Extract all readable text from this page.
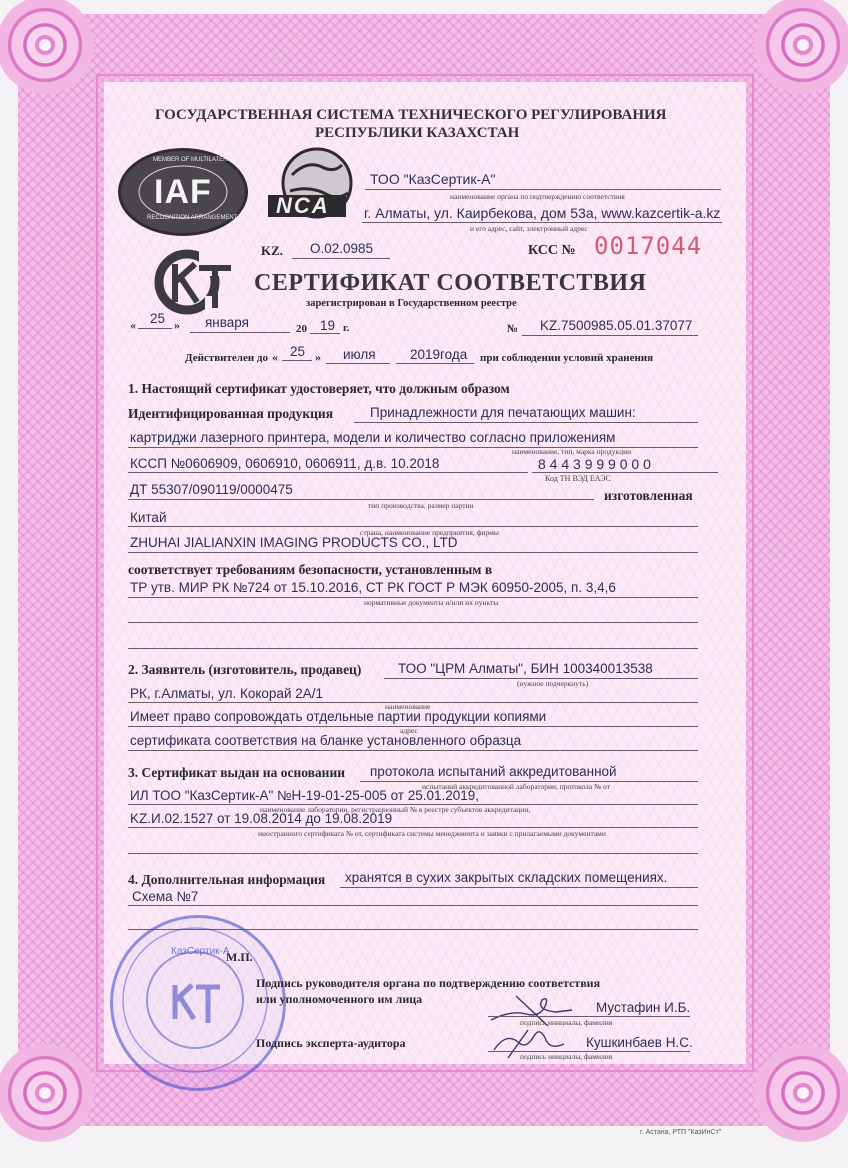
ГОСУДАРСТВЕННАЯ СИСТЕМА ТЕХНИЧЕСКОГО РЕГУЛИРОВАНИЯ
РЕСПУБЛИКИ КАЗАХСТАН
MEMBER OF MULTILATERAL
IAF
RECOGNITION ARRANGEMENT NCA
ТОО "КазСертик-А"
наименование органа по подтверждению соответствия
г. Алматы, ул. Каирбекова, дом 53а, www.kazcertik-a.kz
и его адрес, сайт, электронный адрес
KZ. О.02.0985	КСС № 0017044
СЕРТИФИКАТ СООТВЕТСТВИЯ
зарегистрирован в Государственном реестре
« 25 » января	20 19 г.	№ KZ.7500985.05.01.37077
Действителен до « 25 » июля	2019года при соблюдении условий хранения
1. Настоящий сертификат удостоверяет, что должным образом
Идентифицированная продукция	Принадлежности для печатающих машин:
картриджи лазерного принтера, модели и количество согласно приложениям
наименование, тип, марка продукции
КССП №0606909, 0606910, 0606911, д.в. 10.2018	8 4 4 3 9 9 9 0 0 0
Код ТН ВЭД ЕАЭС
ДТ 55307/090119/0000475	изготовленная
тип производства, размер партии
Китай
страна, наименование предприятия, фирмы
ZHUHAI JIALIANXIN IMAGING PRODUCTS CO., LTD
соответствует требованиям безопасности, установленным в
ТР утв. МИР РК №724 от 15.10.2016, СТ РК ГОСТ Р МЭК 60950-2005, п. 3,4,6
нормативные документы и/или их пункты
2. Заявитель (изготовитель, продавец)	ТОО "ЦРМ Алматы", БИН 100340013538
(нужное подчеркнуть)
РК, г.Алматы, ул. Кокорай 2А/1
наименование
Имеет право сопровождать отдельные партии продукции копиями
адрес
сертификата соответствия на бланке установленного образца
3. Сертификат выдан на основании протокола испытаний аккредитованной
испытаний аккредитованной лаборатории, протокола № от
ИЛ ТОО "КазСертик-А" №Н-19-01-25-005 от 25.01.2019,
наименование лаборатории, регистрационный № в реестре субъектов аккредитации,
KZ.И.02.1527 от 19.08.2014 до 19.08.2019
иностранного сертификата № от, сертификата системы менеджмента и заявки с прилагаемыми документами
4. Дополнительная информация хранятся в сухих закрытых складских помещениях.
Схема №7
КазСертик-А
М.П.
Подпись руководителя органа по подтверждению соответствия
или уполномоченного им лица
Мустафин И.Б.
подпись инициалы, фамилия
Подпись эксперта-аудитора	Кушкинбаев Н.С.
подпись инициалы, фамилия
г. Астана, РТП "КазИнСт"
